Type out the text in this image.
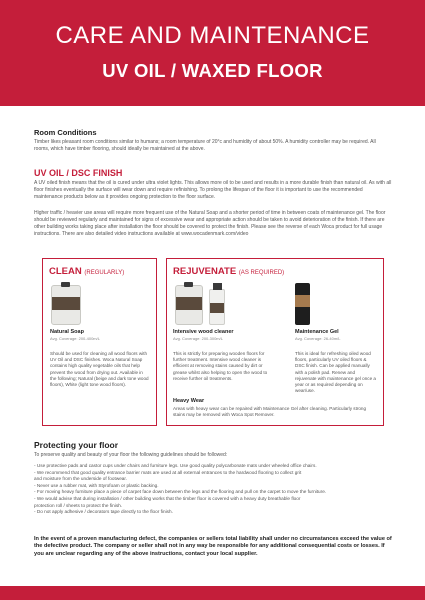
CARE AND MAINTENANCE
UV OIL / WAXED FLOOR
Room Conditions

Timber likes pleasant room conditions similar to humans; a room temperature of 20°c and humidity of about 50%. A humidity controller may be required. All rooms, which have timber flooring, should ideally be maintained at the above.

UV OIL / DSC FINISH

A UV oiled finish means that the oil is cured under ultra violet lights. This allows more oil to be used and results in a more durable finish than natural oil. As with all floor finishes eventually the surface will wear down and require refinishing. To prolong the lifespan of the floor it is important to use the recommended maintenance products below as it provides ongoing protection to the floor surface.

Higher traffic / heavier use areas will require more frequent use of the Natural Soap and a shorter period of time in between coats of maintenance gel. The floor should be reviewed regularly and maintained for signs of excessive wear and appropriate action should be taken to avoid deterioration of the finish. If there are other building works taking place after installation the floor should be covered to protect the finish. Please see the reverse of each Woca product for full usage instructions. There are also detailed video instructions available at www.wocadenmark.com/video

CLEAN (REGULARLY)
Natural Soap
Avg. Coverage: 200-400m/L

Should be used for cleaning all wood floors with UV Oil and DSC finishes. Woca Natural Soap contains high quality vegetable oils that help prevent the wood from drying out. Available in the following; Natural (beige and dark tone wood floors), White (light tone wood floors).

REJUVENATE (AS REQUIRED)
Intensive wood cleaner
Avg. Coverage: 200-300m/L

This is strictly for preparing wooden floors for further treatment. Intensive wood cleaner is efficient at removing stains caused by dirt or grease whilst also helping to open the wood to receive further oil treatments.

Maintenance Gel
Avg. Coverage: 26-40m/L

This is ideal for refreshing oiled wood floors, particularly UV oiled floors & DSC finish. Can be applied manually with a polish pad. Renew and rejuvenate with maintenance gel once a year or as required depending on wear/use.

Heavy Wear

Areas with heavy wear can be repaired with Maintenance Gel after cleaning. Particularly strong stains may be removed with Woca Spot Remover.

Protecting your floor

To preserve quality and beauty of your floor the following guidelines should be followed:

- Use protective pads and castor cups under chairs and furniture legs. Use good quality polycarbonate mats under wheeled office chairs.
- We recommend that good quality entrance barrier mats are used at all external entrances to the hardwood flooring to collect grit
and moisture from the underside of footwear.
- Never use a rubber mat, with Styrofoam or plastic backing.
- For moving heavy furniture place a piece of carpet face down between the legs and the flooring and pull on the carpet to move the furniture.
- We would advise that during installation / other building works that the timber floor is covered with a heavy duty breathable floor
protection roll / sheets to protect the finish.
- Do not apply adhesive / decorators tape directly to the floor finish.

In the event of a proven manufacturing defect, the companies or sellers total liability shall under no circumstances exceed the value of the defective product. The company or seller shall not in any way be responsible for any additional consequential costs or losses. If you are unclear regarding any of the above instructions, contact your local supplier.
